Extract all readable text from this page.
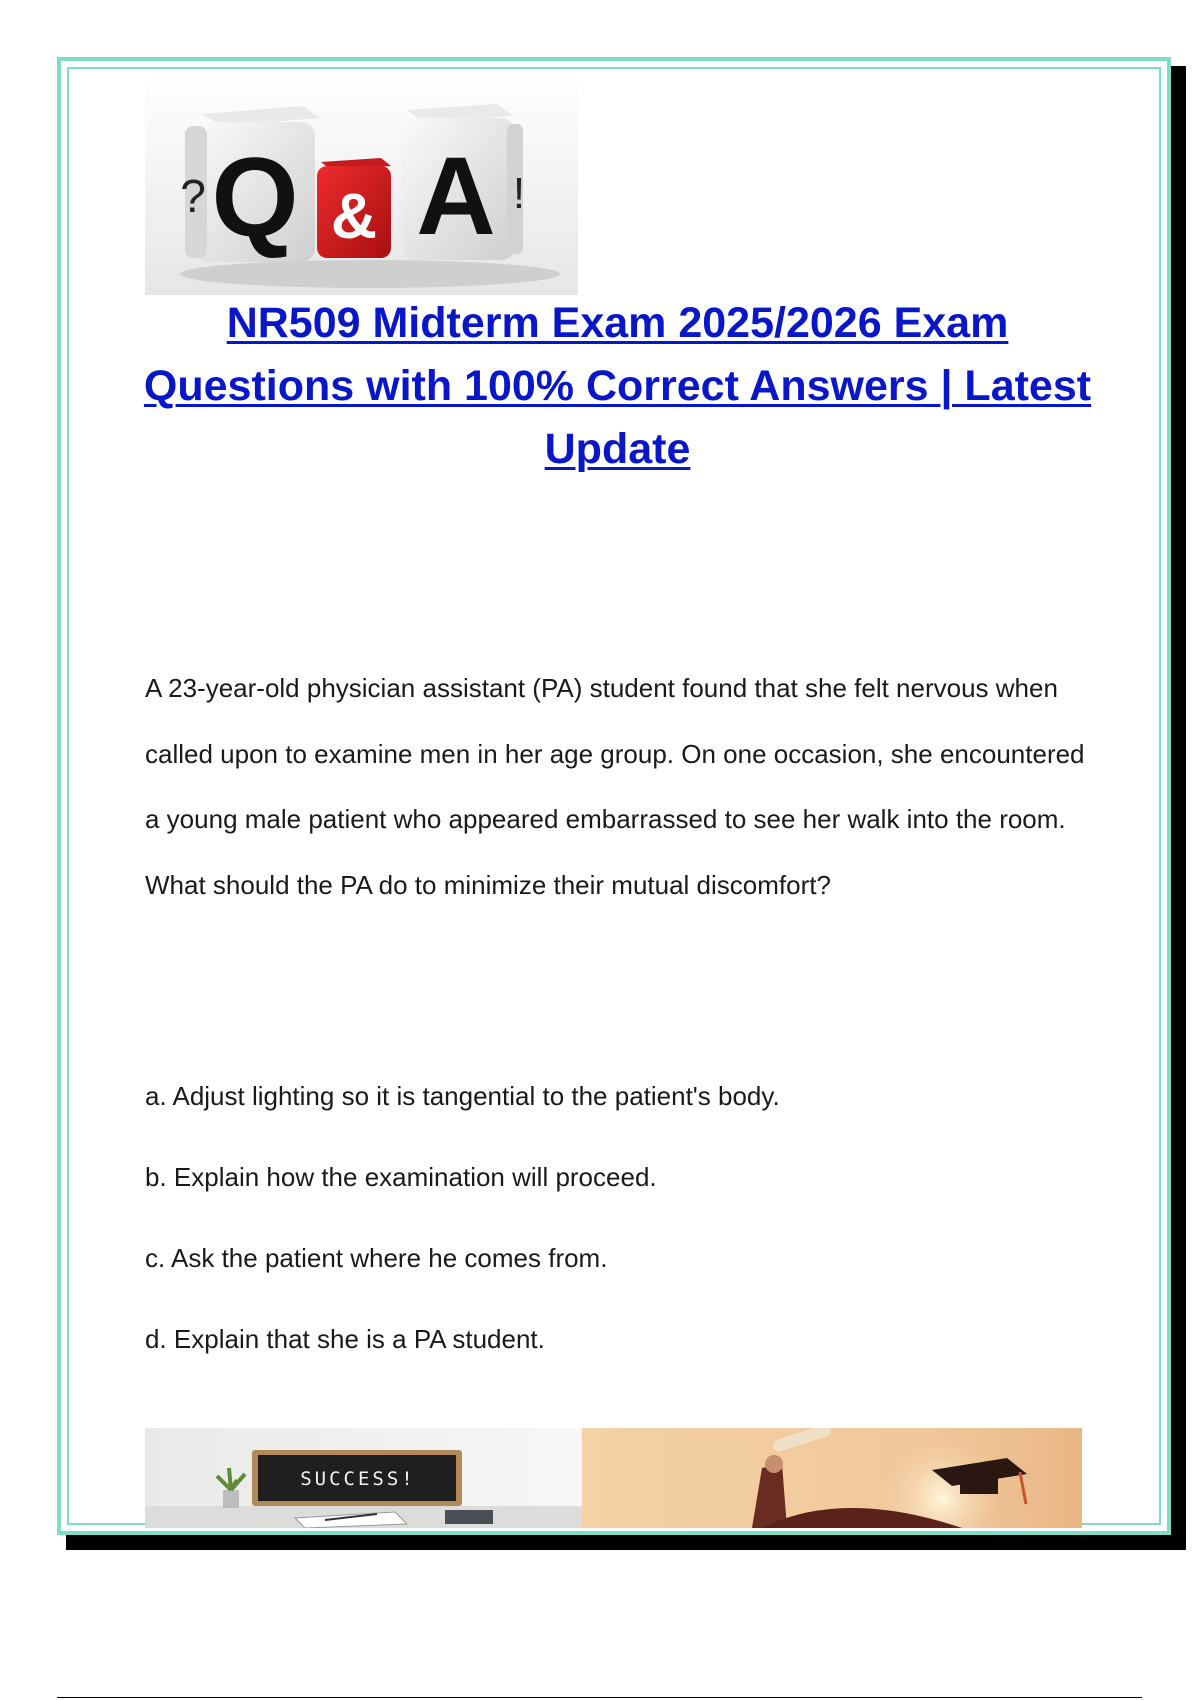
Q
? A !
&
NR509 Midterm Exam 2025/2026 Exam Questions with 100% Correct Answers | Latest Update
A 23-year-old physician assistant (PA) student found that she felt nervous when called upon to examine men in her age group. On one occasion, she encountered a young male patient who appeared embarrassed to see her walk into the room. What should the PA do to minimize their mutual discomfort?
a. Adjust lighting so it is tangential to the patient's body.
b. Explain how the examination will proceed.
c. Ask the patient where he comes from.
d. Explain that she is a PA student.
SUCCESS!
